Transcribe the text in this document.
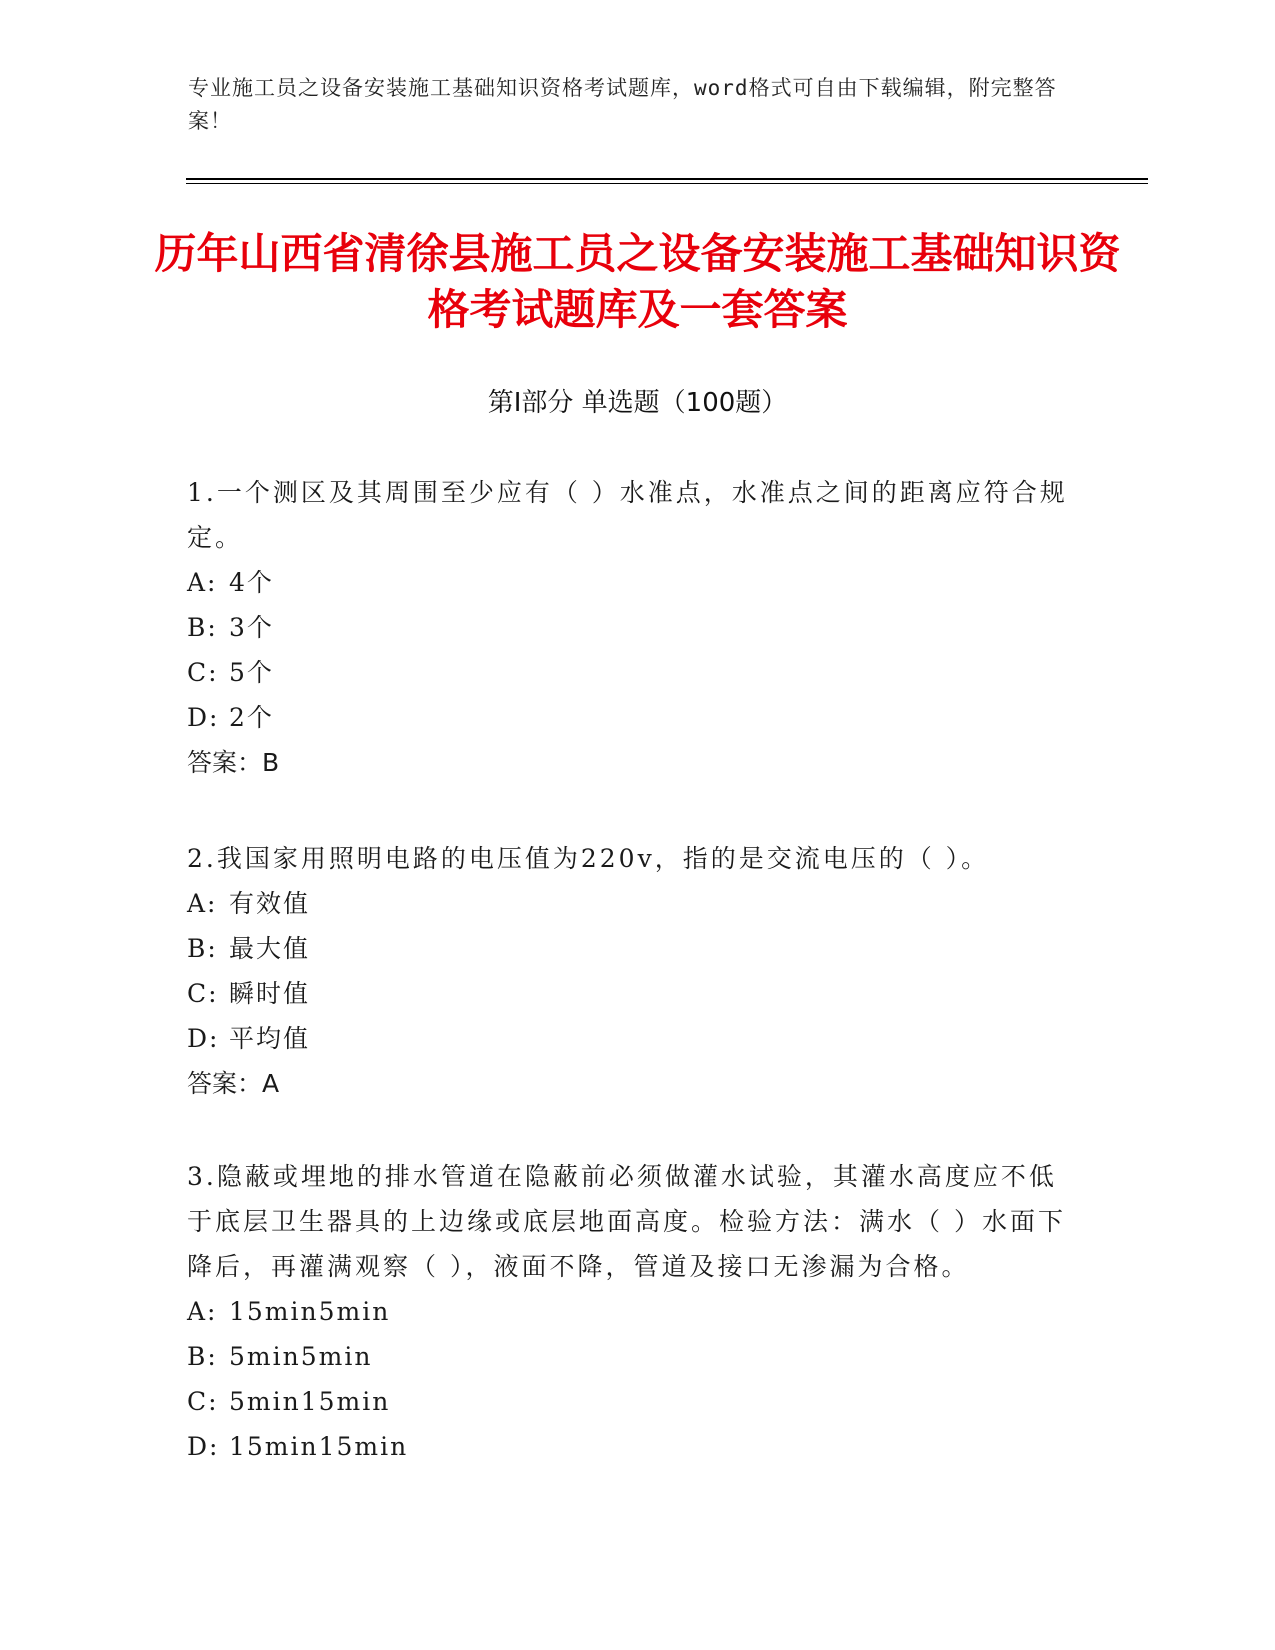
专业施工员之设备安装施工基础知识资格考试题库，word格式可自由下载编辑，附完整答案！
历年山西省清徐县施工员之设备安装施工基础知识资格考试题库及一套答案
第Ⅰ部分 单选题（100题）

1.一个测区及其周围至少应有（ ）水准点，水准点之间的距离应符合规定。

A: 4个

B: 3个

C: 5个

D: 2个

答案：B

2.我国家用照明电路的电压值为220v，指的是交流电压的（ ）。

A: 有效值

B: 最大值

C: 瞬时值

D: 平均值

答案：A

3.隐蔽或埋地的排水管道在隐蔽前必须做灌水试验，其灌水高度应不低于底层卫生器具的上边缘或底层地面高度。检验方法：满水（ ）水面下降后，再灌满观察（ ），液面不降，管道及接口无渗漏为合格。

A: 15min5min

B: 5min5min

C: 5min15min

D: 15min15min
